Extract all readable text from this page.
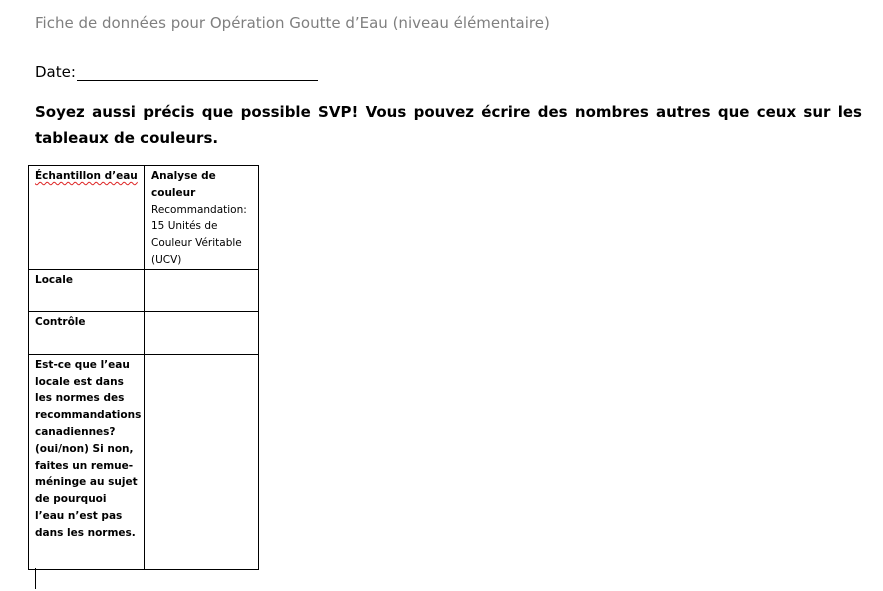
Fiche de données pour Opération Goutte d’Eau (niveau élémentaire)
Date:
Soyez aussi précis que possible SVP! Vous pouvez écrire des nombres autres que ceux sur les tableaux de couleurs.
Échantillon d’eau	Analyse de couleur
Recommandation: 15 Unités de Couleur Véritable (UCV)

Locale	
Contrôle	
Est-ce que l’eau locale est dans les normes des recommandations canadiennes? (oui/non) Si non, faites un remue-méninge au sujet de pourquoi l’eau n’est pas dans les normes.	
